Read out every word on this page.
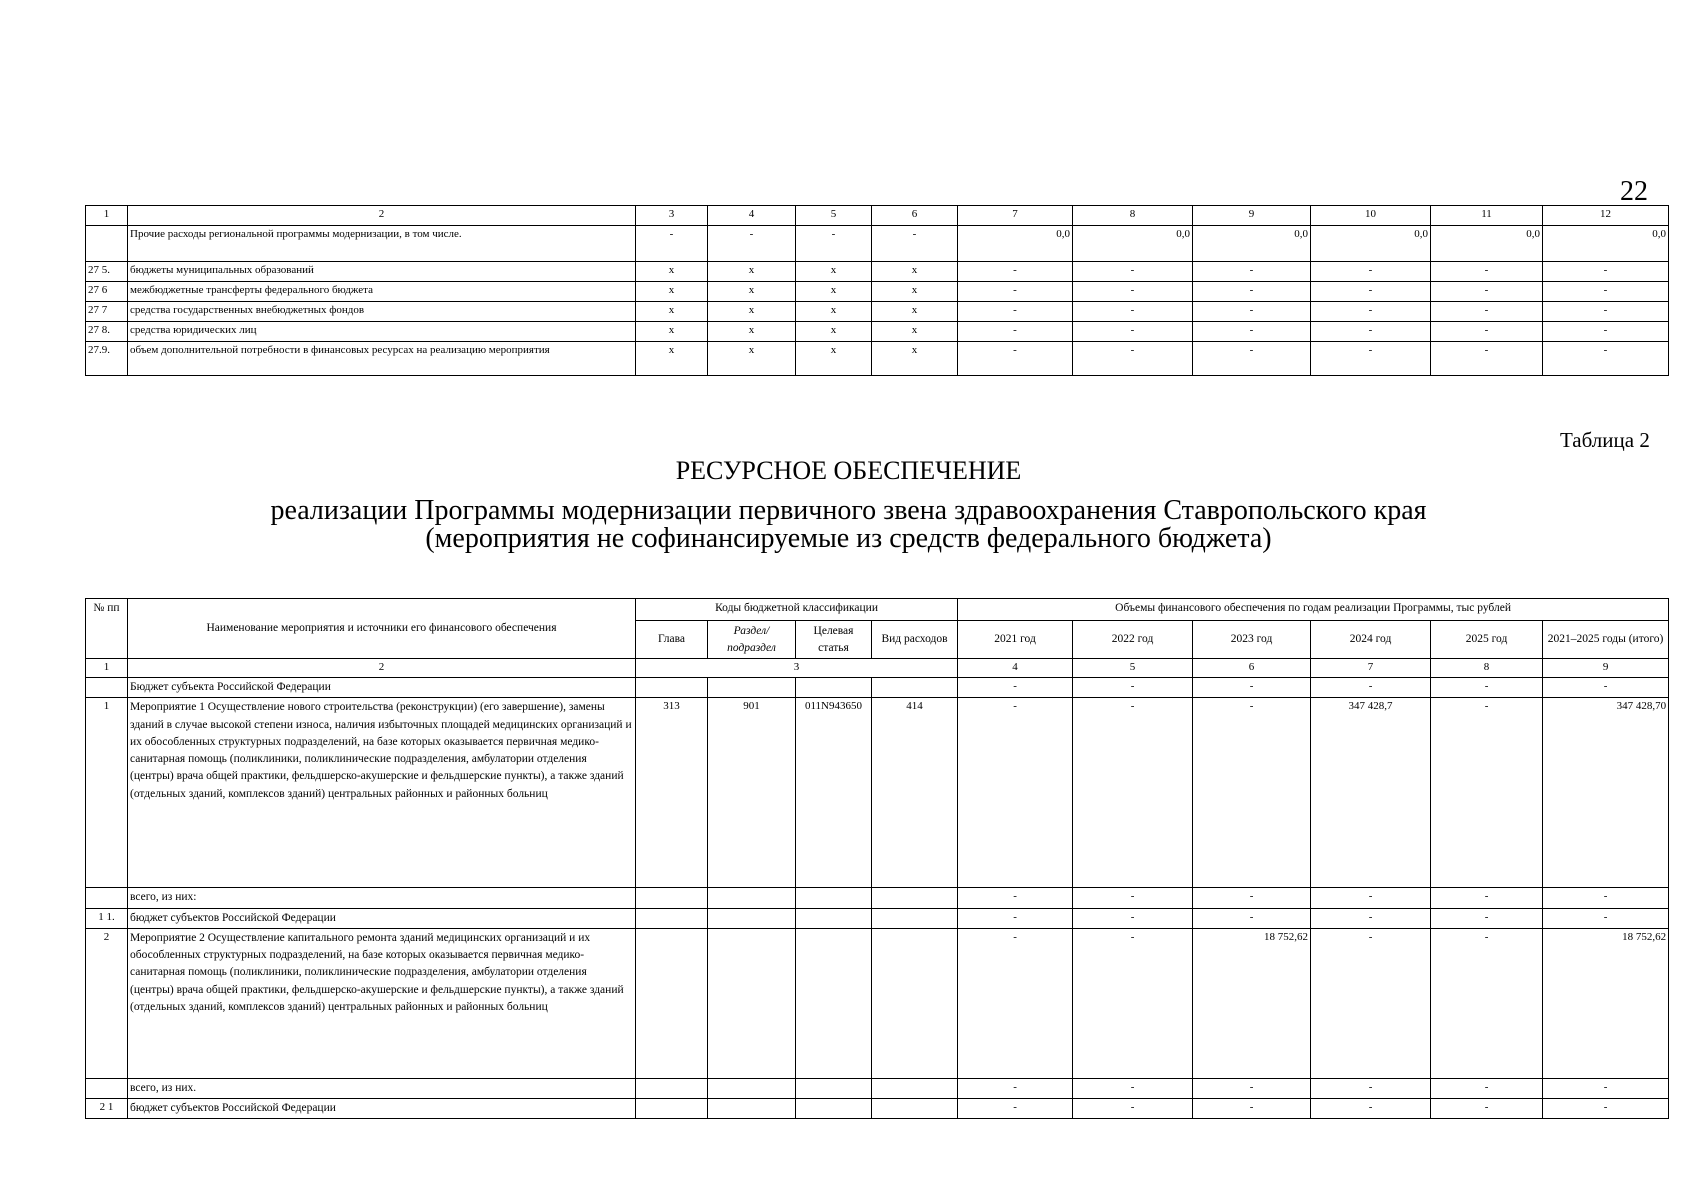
22
1	2	3	4	5	6	7	8	9	10	11	12
	Прочие расходы региональной программы модернизации, в том числе.	-	-	-	-	0,0	0,0	0,0	0,0	0,0	0,0
27 5.	бюджеты муниципальных образований	х	х	х	х	-	-	-	-	-	-
27 6	межбюджетные трансферты федерального бюджета	х	х	х	х	-	-	-	-	-	-
27 7	средства государственных внебюджетных фондов	х	х	х	х	-	-	-	-	-	-
27 8.	средства юридических лиц	х	х	х	х	-	-	-	-	-	-
27.9.	объем дополнительной потребности в финансовых ресурсах на реализацию мероприятия	х	х	х	х	-	-	-	-	-	-
Таблица 2
РЕСУРСНОЕ ОБЕСПЕЧЕНИЕ
реализации Программы модернизации первичного звена здравоохранения Ставропольского края
(мероприятия не софинансируемые из средств федерального бюджета)
№ пп	Наименование мероприятия и источники его финансового обеспечения	Коды бюджетной классификации				Объемы финансового обеспечения по годам реализации Программы, тыс рублей					
		Глава	Раздел/ подраздел	Целевая статья	Вид расходов	2021 год	2022 год	2023 год	2024 год	2025 год	2021–2025 годы (итого)
1	2	3				4	5	6	7	8	9
	Бюджет субъекта Российской Федерации					-	-	-	-	-	-
1	Мероприятие 1 Осуществление нового строительства (реконструкции) (его завершение), замены зданий в случае высокой степени износа, наличия избыточных площадей медицинских организаций и их обособленных структурных подразделений, на базе которых оказывается первичная медико-санитарная помощь (поликлиники, поликлинические подразделения, амбулатории отделения (центры) врача общей практики, фельдшерско-акушерские и фельдшерские пункты), а также зданий (отдельных зданий, комплексов зданий) центральных районных и районных больниц	313	901	011N943650	414	-	-	-	347 428,7	-	347 428,70
	всего, из них:					-	-	-	-	-	-
1 1.	бюджет субъектов Российской Федерации					-	-	-	-	-	-
2	Мероприятие 2 Осуществление капитального ремонта зданий медицинских организаций и их обособленных структурных подразделений, на базе которых оказывается первичная медико-санитарная помощь (поликлиники, поликлинические подразделения, амбулатории отделения (центры) врача общей практики, фельдшерско-акушерские и фельдшерские пункты), а также зданий (отдельных зданий, комплексов зданий) центральных районных и районных больниц					-	-	18 752,62	-	-	18 752,62
	всего, из них.					-	-	-	-	-	-
2 1	бюджет субъектов Российской Федерации					-	-	-	-	-	-
